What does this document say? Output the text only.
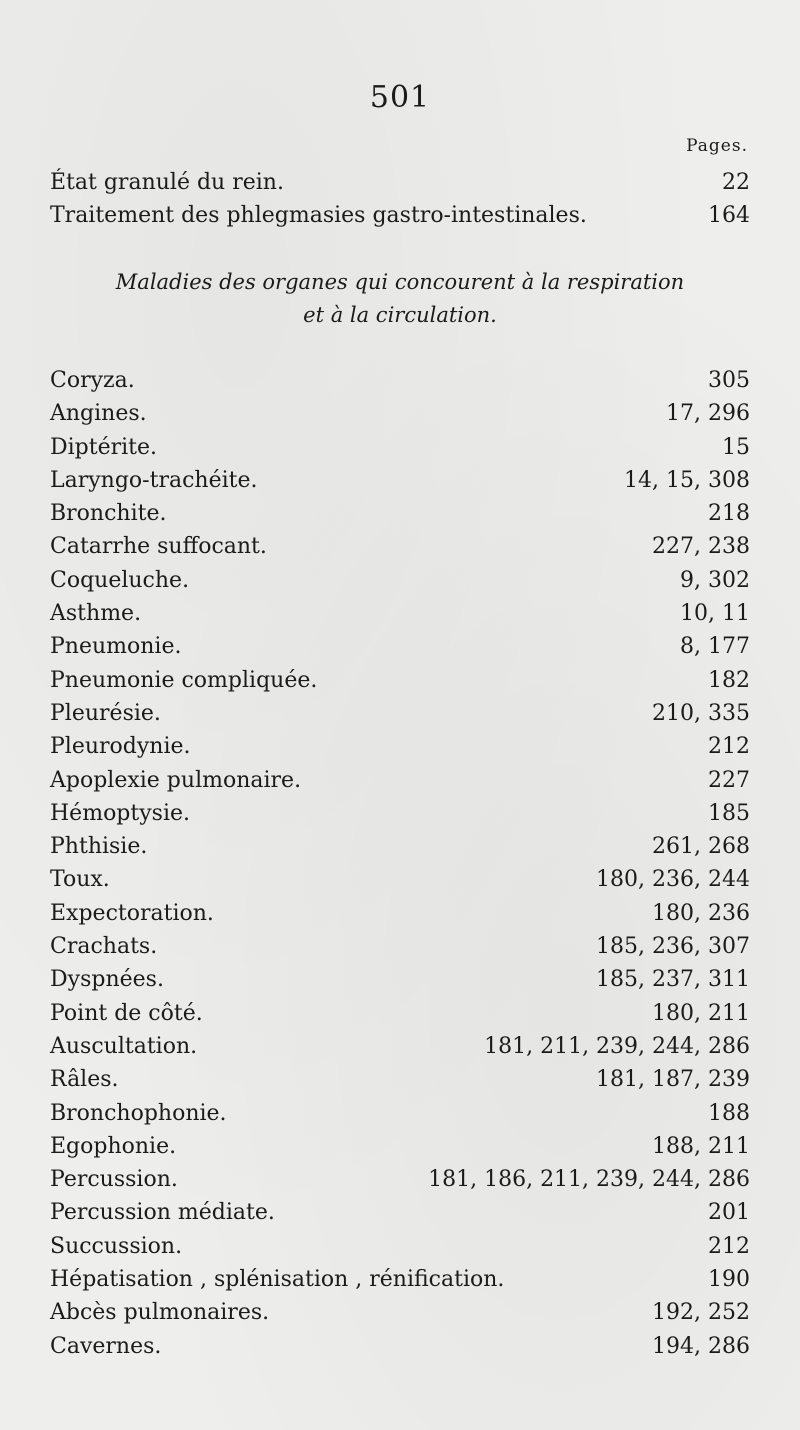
501
Pages.
État granulé du rein.	22
Traitement des phlegmasies gastro-intestinales.	164
Maladies des organes qui concourent à la respiration
et à la circulation.
Coryza.	305
Angines.	17, 296
Diptérite.	15
Laryngo-trachéite.	14, 15, 308
Bronchite.	218
Catarrhe suffocant.	227, 238
Coqueluche.	9, 302
Asthme.	10, 11
Pneumonie.	8, 177
Pneumonie compliquée.	182
Pleurésie.	210, 335
Pleurodynie.	212
Apoplexie pulmonaire.	227
Hémoptysie.	185
Phthisie.	261, 268
Toux.	180, 236, 244
Expectoration.	180, 236
Crachats.	185, 236, 307
Dyspnées.	185, 237, 311
Point de côté.	180, 211
Auscultation.	181, 211, 239, 244, 286
Râles.	181, 187, 239
Bronchophonie.	188
Egophonie.	188, 211
Percussion.	181, 186, 211, 239, 244, 286
Percussion médiate.	201
Succussion.	212
Hépatisation , splénisation , rénification.	190
Abcès pulmonaires.	192, 252
Cavernes.	194, 286
